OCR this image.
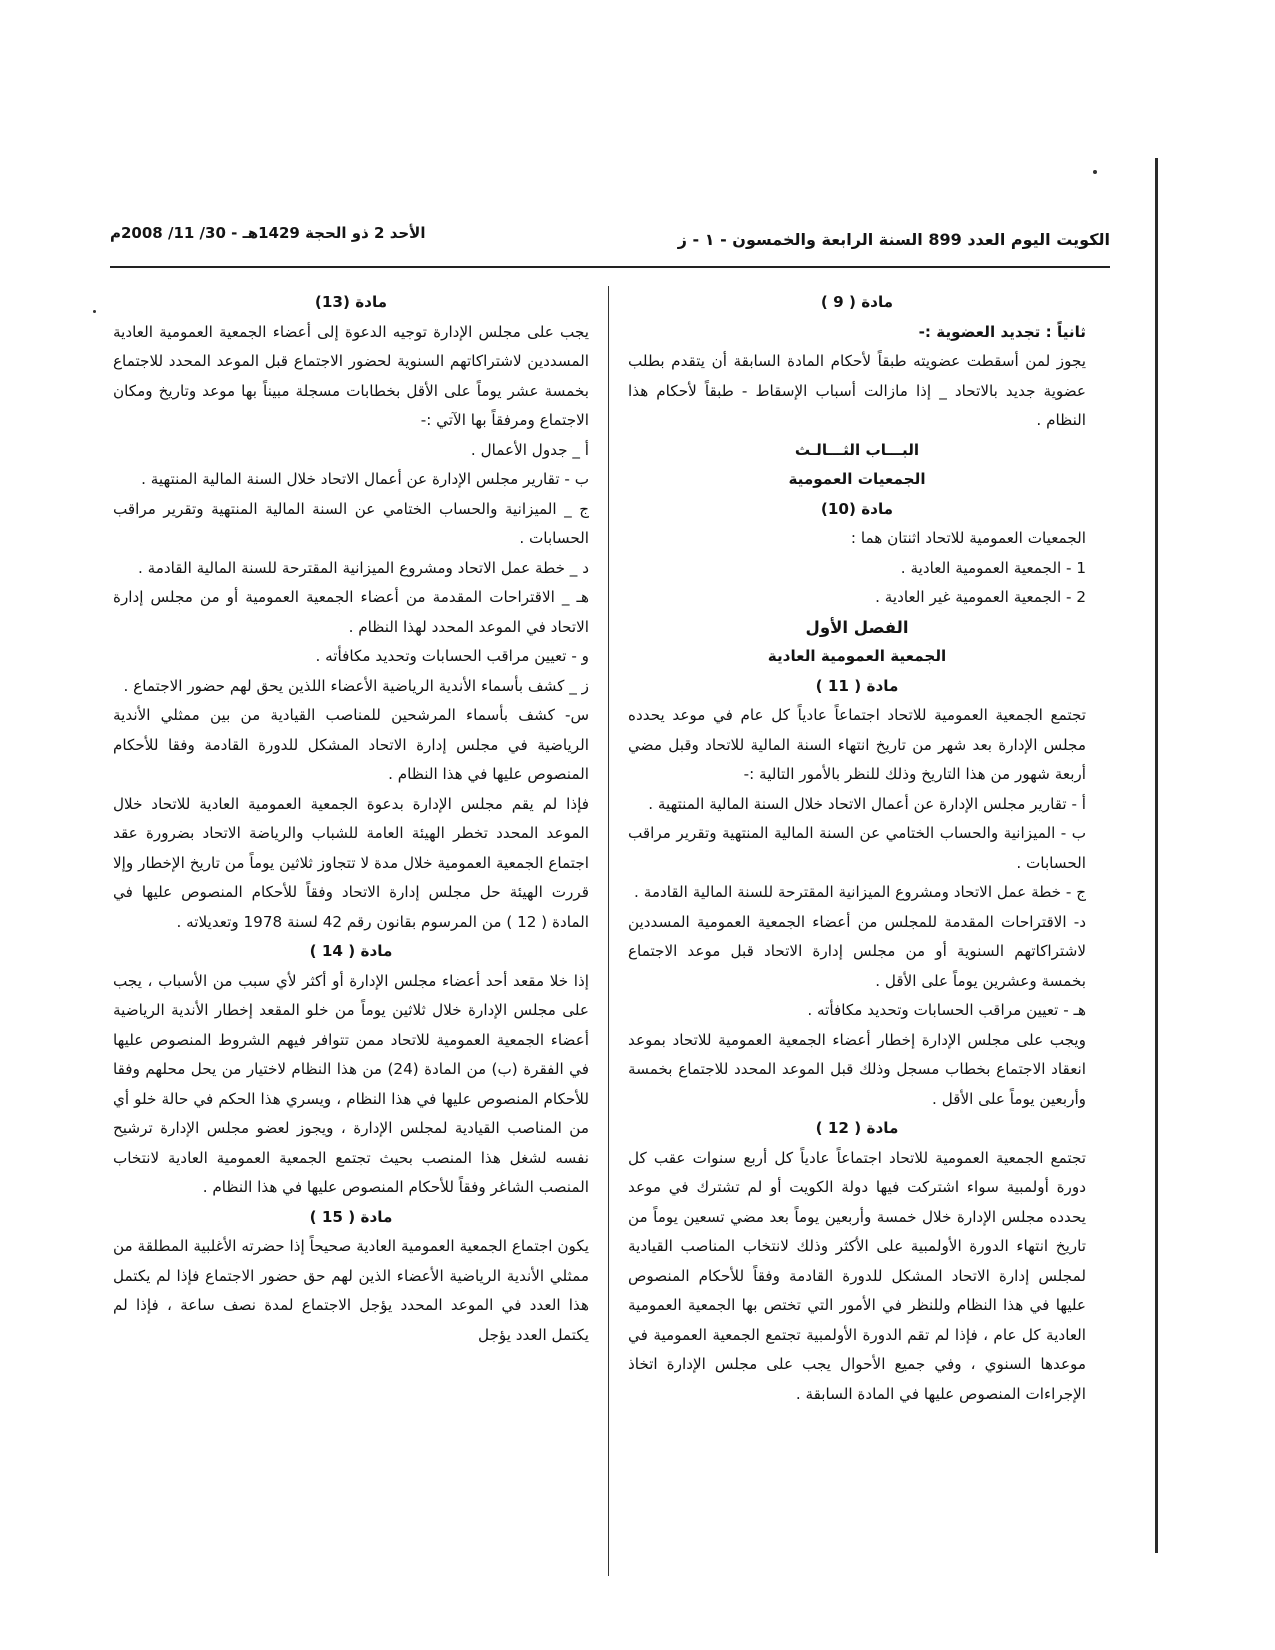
الكويت اليوم العدد 899 السنة الرابعة والخمسون - ١ - ز
الأحد 2 ذو الحجة 1429هـ - 30/ 11/ 2008م

مادة ( 9 )

ثانياً : تجديد العضوية :-

يجوز لمن أسقطت عضويته طبقاً لأحكام المادة السابقة أن يتقدم بطلب عضوية جديد بالاتحاد _ إذا مازالت أسباب الإسقاط - طبقاً لأحكام هذا النظام .

البـــاب الثـــالـث

الجمعيات العمومية

مادة (10)

الجمعيات العمومية للاتحاد اثنتان هما :

1 - الجمعية العمومية العادية .

2 - الجمعية العمومية غير العادية .

الفصل الأول

الجمعية العمومية العادية

مادة ( 11 )

تجتمع الجمعية العمومية للاتحاد اجتماعاً عادياً كل عام في موعد يحدده مجلس الإدارة بعد شهر من تاريخ انتهاء السنة المالية للاتحاد وقبل مضي أربعة شهور من هذا التاريخ وذلك للنظر بالأمور التالية :-

أ - تقارير مجلس الإدارة عن أعمال الاتحاد خلال السنة المالية المنتهية .

ب - الميزانية والحساب الختامي عن السنة المالية المنتهية وتقرير مراقب الحسابات .

ج - خطة عمل الاتحاد ومشروع الميزانية المقترحة للسنة المالية القادمة .

د- الاقتراحات المقدمة للمجلس من أعضاء الجمعية العمومية المسددين لاشتراكاتهم السنوية أو من مجلس إدارة الاتحاد قبل موعد الاجتماع بخمسة وعشرين يوماً على الأقل .

هـ - تعيين مراقب الحسابات وتحديد مكافأته .

ويجب على مجلس الإدارة إخطار أعضاء الجمعية العمومية للاتحاد بموعد انعقاد الاجتماع بخطاب مسجل وذلك قبل الموعد المحدد للاجتماع بخمسة وأربعين يوماً على الأقل .

مادة ( 12 )

تجتمع الجمعية العمومية للاتحاد اجتماعاً عادياً كل أربع سنوات عقب كل دورة أولمبية سواء اشتركت فيها دولة الكويت أو لم تشترك في موعد يحدده مجلس الإدارة خلال خمسة وأربعين يوماً بعد مضي تسعين يوماً من تاريخ انتهاء الدورة الأولمبية على الأكثر وذلك لانتخاب المناصب القيادية لمجلس إدارة الاتحاد المشكل للدورة القادمة وفقاً للأحكام المنصوص عليها في هذا النظام وللنظر في الأمور التي تختص بها الجمعية العمومية العادية كل عام ، فإذا لم تقم الدورة الأولمبية تجتمع الجمعية العمومية في موعدها السنوي ، وفي جميع الأحوال يجب على مجلس الإدارة اتخاذ الإجراءات المنصوص عليها في المادة السابقة .

مادة (13)

يجب على مجلس الإدارة توجيه الدعوة إلى أعضاء الجمعية العمومية العادية المسددين لاشتراكاتهم السنوية لحضور الاجتماع قبل الموعد المحدد للاجتماع بخمسة عشر يوماً على الأقل بخطابات مسجلة مبيناً بها موعد وتاريخ ومكان الاجتماع ومرفقاً بها الآتي :-

أ _ جدول الأعمال .

ب - تقارير مجلس الإدارة عن أعمال الاتحاد خلال السنة المالية المنتهية .

ج _ الميزانية والحساب الختامي عن السنة المالية المنتهية وتقرير مراقب الحسابات .

د _ خطة عمل الاتحاد ومشروع الميزانية المقترحة للسنة المالية القادمة .

هـ _ الاقتراحات المقدمة من أعضاء الجمعية العمومية أو من مجلس إدارة الاتحاد في الموعد المحدد لهذا النظام .

و - تعيين مراقب الحسابات وتحديد مكافأته .

ز _ كشف بأسماء الأندية الرياضية الأعضاء اللذين يحق لهم حضور الاجتماع .

س- كشف بأسماء المرشحين للمناصب القيادية من بين ممثلي الأندية الرياضية في مجلس إدارة الاتحاد المشكل للدورة القادمة وفقا للأحكام المنصوص عليها في هذا النظام .

فإذا لم يقم مجلس الإدارة بدعوة الجمعية العمومية العادية للاتحاد خلال الموعد المحدد تخطر الهيئة العامة للشباب والرياضة الاتحاد بضرورة عقد اجتماع الجمعية العمومية خلال مدة لا تتجاوز ثلاثين يوماً من تاريخ الإخطار وإلا قررت الهيئة حل مجلس إدارة الاتحاد وفقاً للأحكام المنصوص عليها في المادة ( 12 ) من المرسوم بقانون رقم 42 لسنة 1978 وتعديلاته .

مادة ( 14 )

إذا خلا مقعد أحد أعضاء مجلس الإدارة أو أكثر لأي سبب من الأسباب ، يجب على مجلس الإدارة خلال ثلاثين يوماً من خلو المقعد إخطار الأندية الرياضية أعضاء الجمعية العمومية للاتحاد ممن تتوافر فيهم الشروط المنصوص عليها في الفقرة (ب) من المادة (24) من هذا النظام لاختيار من يحل محلهم وفقا للأحكام المنصوص عليها في هذا النظام ، ويسري هذا الحكم في حالة خلو أي من المناصب القيادية لمجلس الإدارة ، ويجوز لعضو مجلس الإدارة ترشيح نفسه لشغل هذا المنصب بحيث تجتمع الجمعية العمومية العادية لانتخاب المنصب الشاغر وفقاً للأحكام المنصوص عليها في هذا النظام .

مادة ( 15 )

يكون اجتماع الجمعية العمومية العادية صحيحاً إذا حضرته الأغلبية المطلقة من ممثلي الأندية الرياضية الأعضاء الذين لهم حق حضور الاجتماع فإذا لم يكتمل هذا العدد في الموعد المحدد يؤجل الاجتماع لمدة نصف ساعة ، فإذا لم يكتمل العدد يؤجل
